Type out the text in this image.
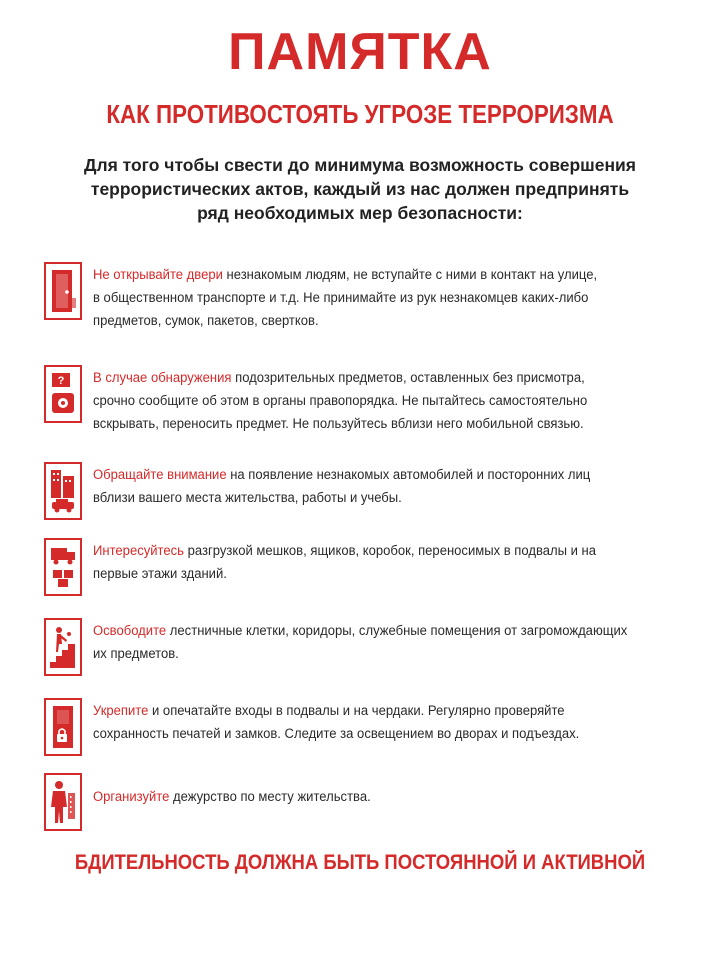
ПАМЯТКА
КАК ПРОТИВОСТОЯТЬ УГРОЗЕ ТЕРРОРИЗМА
Для того чтобы свести до минимума возможность совершения
террористических актов, каждый из нас должен предпринять
ряд необходимых мер безопасности:
Не открывайте двери незнакомым людям, не вступайте с ними в контакт на улице,
в общественном транспорте и т.д. Не принимайте из рук незнакомцев каких-либо
предметов, сумок, пакетов, свертков.
? В случае обнаружения подозрительных предметов, оставленных без присмотра,
срочно сообщите об этом в органы правопорядка. Не пытайтесь самостоятельно
вскрывать, переносить предмет. Не пользуйтесь вблизи него мобильной связью.
Обращайте внимание на появление незнакомых автомобилей и посторонних лиц
вблизи вашего места жительства, работы и учебы.
Интересуйтесь разгрузкой мешков, ящиков, коробок, переносимых в подвалы и на
первые этажи зданий.
Освободите лестничные клетки, коридоры, служебные помещения от загромождающих
их предметов.
Укрепите и опечатайте входы в подвалы и на чердаки. Регулярно проверяйте
сохранность печатей и замков. Следите за освещением во дворах и подъездах.
Организуйте дежурство по месту жительства.
БДИТЕЛЬНОСТЬ ДОЛЖНА БЫТЬ ПОСТОЯННОЙ И АКТИВНОЙ
